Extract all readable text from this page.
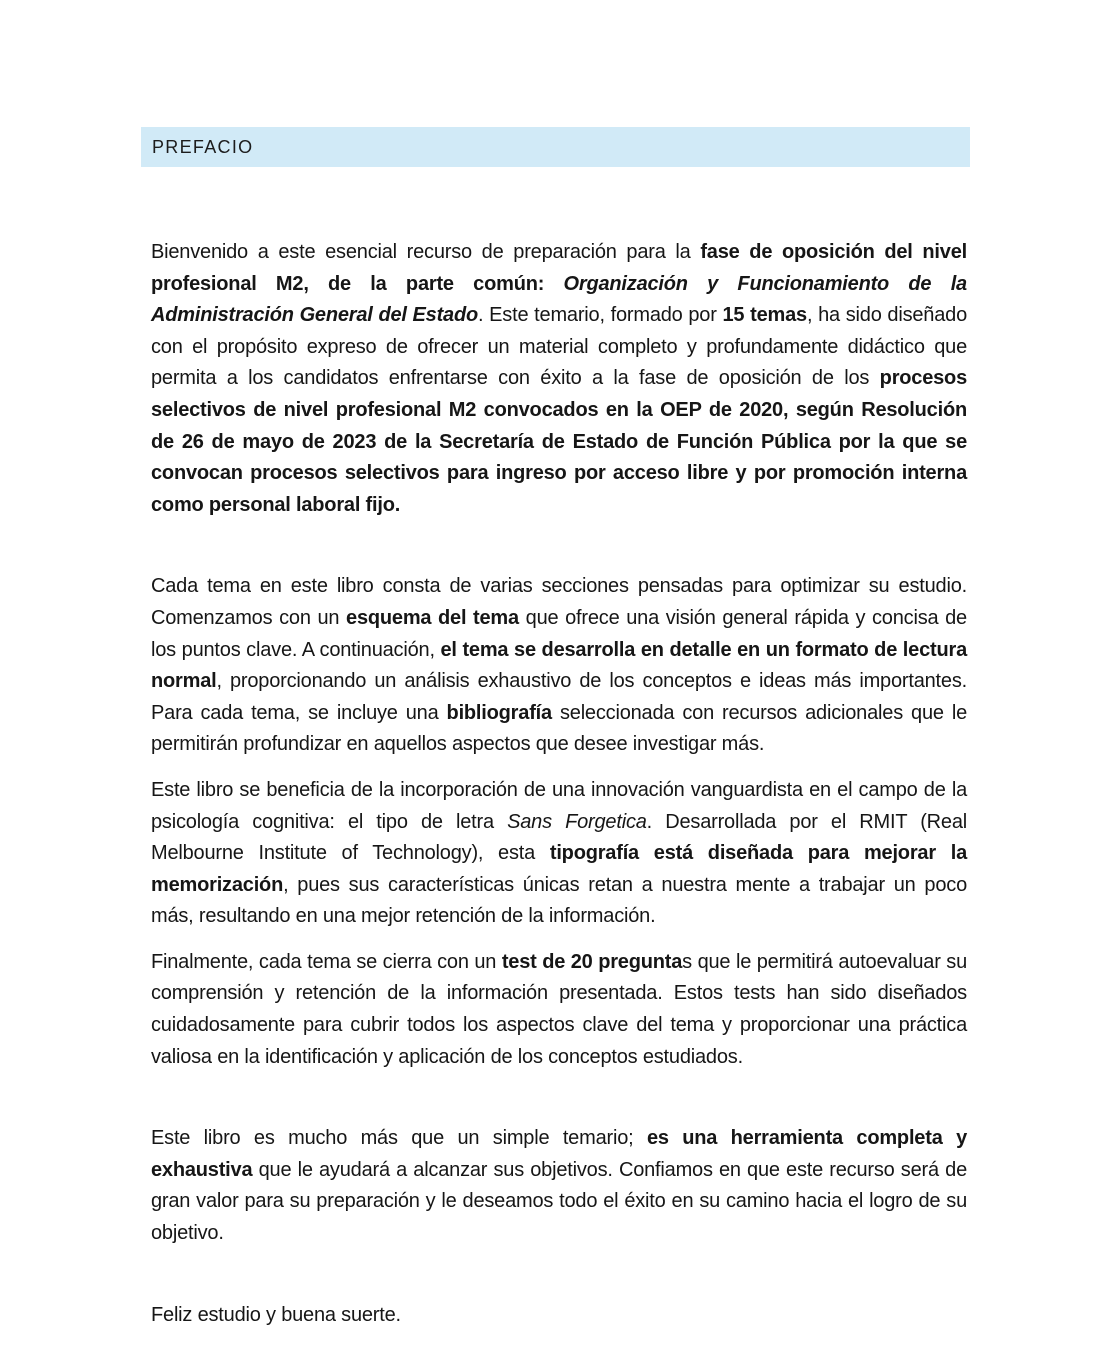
PREFACIO

Bienvenido a este esencial recurso de preparación para la fase de oposición del nivel profesional M2, de la parte común: Organización y Funcionamiento de la Administración General del Estado. Este temario, formado por 15 temas, ha sido diseñado con el propósito expreso de ofrecer un material completo y profundamente didáctico que permita a los candidatos enfrentarse con éxito a la fase de oposición de los procesos selectivos de nivel profesional M2 convocados en la OEP de 2020, según Resolución de 26 de mayo de 2023 de la Secretaría de Estado de Función Pública por la que se convocan procesos selectivos para ingreso por acceso libre y por promoción interna como personal laboral fijo.

Cada tema en este libro consta de varias secciones pensadas para optimizar su estudio. Comenzamos con un esquema del tema que ofrece una visión general rápida y concisa de los puntos clave. A continuación, el tema se desarrolla en detalle en un formato de lectura normal, proporcionando un análisis exhaustivo de los conceptos e ideas más importantes. Para cada tema, se incluye una bibliografía seleccionada con recursos adicionales que le permitirán profundizar en aquellos aspectos que desee investigar más.

Este libro se beneficia de la incorporación de una innovación vanguardista en el campo de la psicología cognitiva: el tipo de letra Sans Forgetica. Desarrollada por el RMIT (Real Melbourne Institute of Technology), esta tipografía está diseñada para mejorar la memorización, pues sus características únicas retan a nuestra mente a trabajar un poco más, resultando en una mejor retención de la información.

Finalmente, cada tema se cierra con un test de 20 preguntas que le permitirá autoevaluar su comprensión y retención de la información presentada. Estos tests han sido diseñados cuidadosamente para cubrir todos los aspectos clave del tema y proporcionar una práctica valiosa en la identificación y aplicación de los conceptos estudiados.

Este libro es mucho más que un simple temario; es una herramienta completa y exhaustiva que le ayudará a alcanzar sus objetivos. Confiamos en que este recurso será de gran valor para su preparación y le deseamos todo el éxito en su camino hacia el logro de su objetivo.

Feliz estudio y buena suerte.
